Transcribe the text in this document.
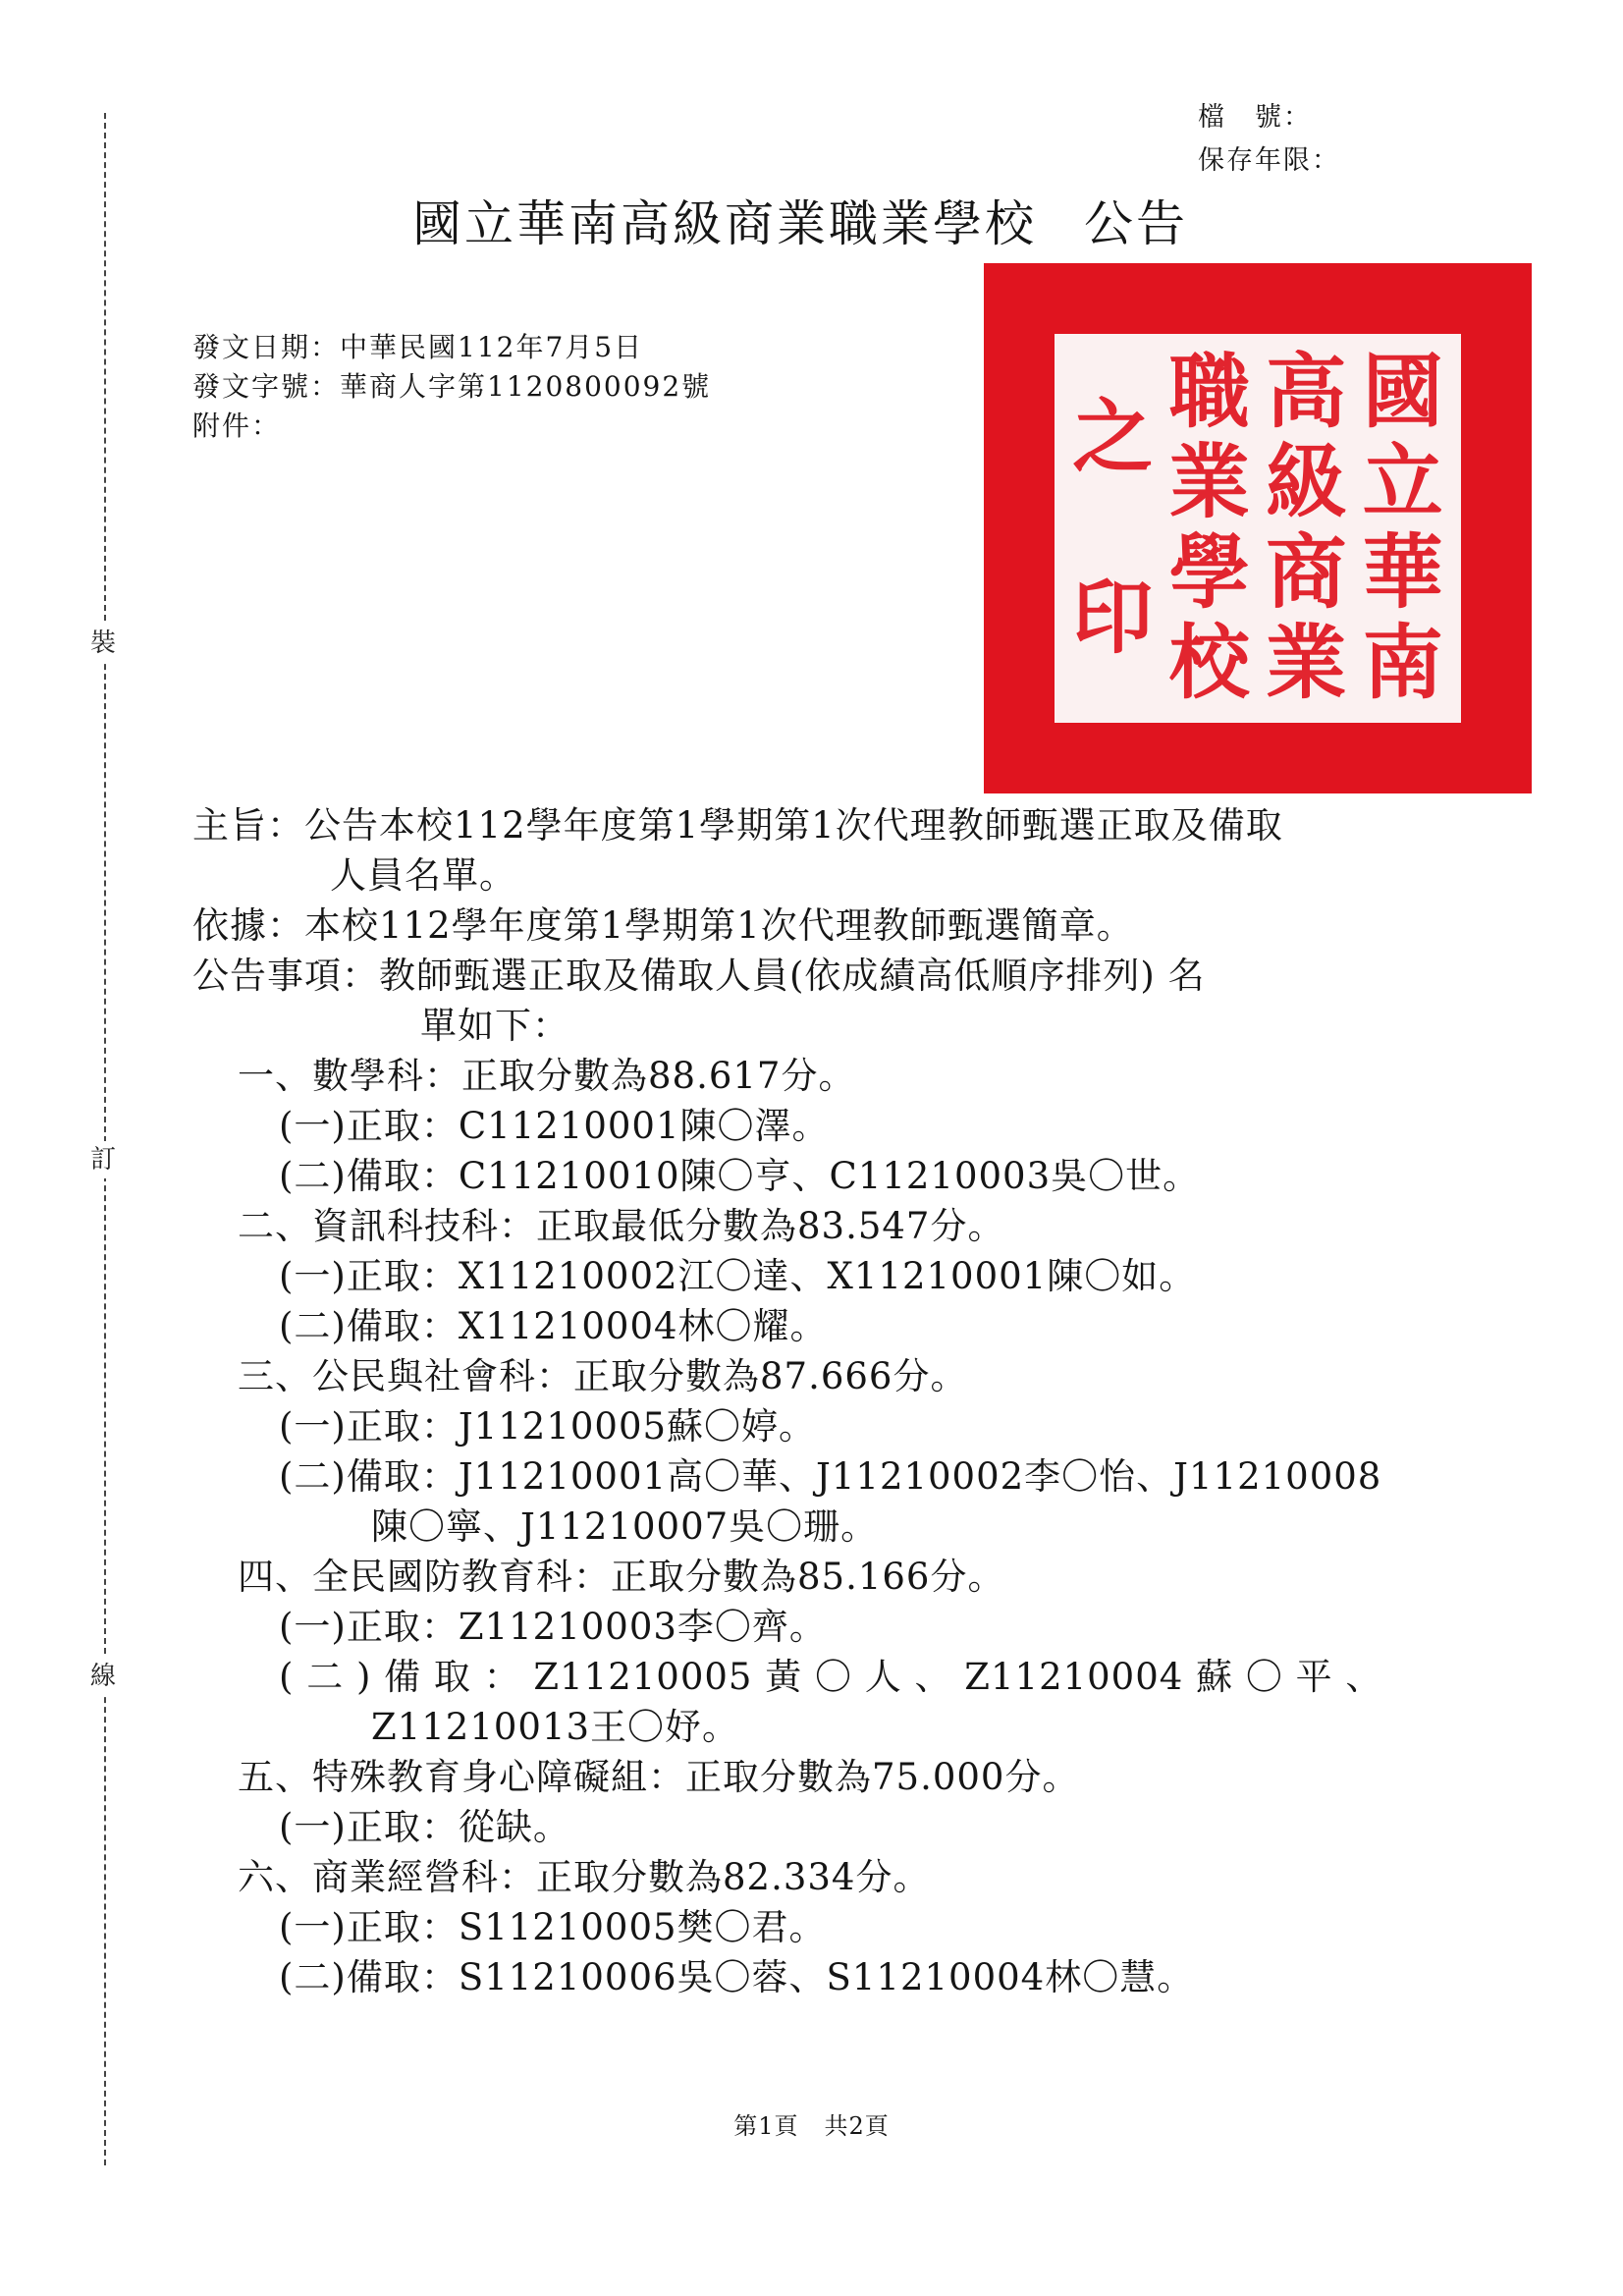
裝
訂
線
檔　號：
保存年限：
國立華南高級商業職業學校 公告
發文日期：中華民國112年7月5日
發文字號：華商人字第1120800092號
附件：	國
立
華
南
高
級
商
業
職
業
學
校
之
印
主旨：公告本校112學年度第1學期第1次代理教師甄選正取及備取
人員名單。
依據：本校112學年度第1學期第1次代理教師甄選簡章。
公告事項：教師甄選正取及備取人員(依成績高低順序排列) 名
單如下：
一、數學科：正取分數為88.617分。
(一)正取：C11210001陳〇澤。
(二)備取：C11210010陳〇亨、C11210003吳〇世。
二、資訊科技科：正取最低分數為83.547分。
(一)正取：X11210002江〇達、X11210001陳〇如。
(二)備取：X11210004林〇耀。
三、公民與社會科：正取分數為87.666分。
(一)正取：J11210005蘇〇婷。
(二)備取：J11210001高〇華、J11210002李〇怡、J11210008
陳〇寧、J11210007吳〇珊。
四、全民國防教育科：正取分數為85.166分。
(一)正取：Z11210003李〇齊。
( 二 ) 備 取 ： Z11210005 黃 〇 人 、 Z11210004 蘇 〇 平 、
Z11210013王〇妤。
五、特殊教育身心障礙組：正取分數為75.000分。
(一)正取：從缺。
六、商業經營科：正取分數為82.334分。
(一)正取：S11210005樊〇君。
(二)備取：S11210006吳〇蓉、S11210004林〇慧。
第1頁 共2頁
